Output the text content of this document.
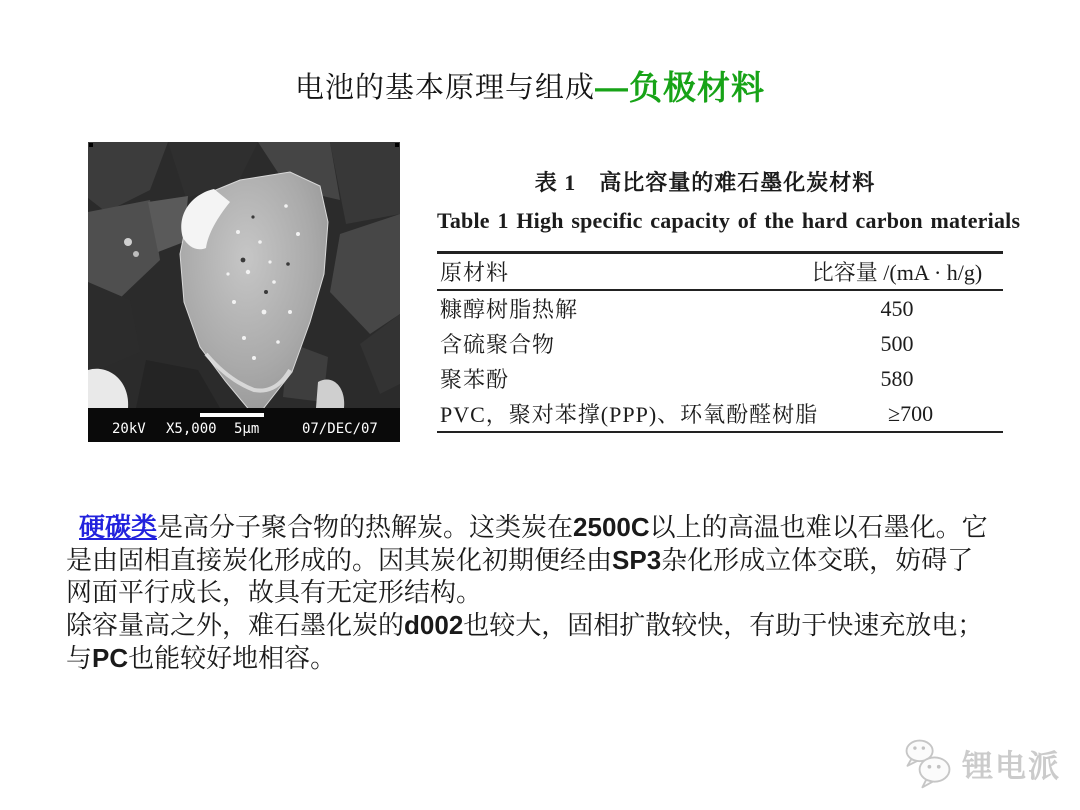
电池的基本原理与组成—负极材料
20kV X5,000 5μm	07/DEC/07
表 1　高比容量的难石墨化炭材料
Table 1 High specific capacity of the hard carbon materials
原材料	比容量 /(mA · h/g)
糠醇树脂热解	450
含硫聚合物	500
聚苯酚	580
PVC，聚对苯撑(PPP)、环氧酚醛树脂	≥700
硬碳类是高分子聚合物的热解炭。这类炭在2500C以上的高温也难以石墨化。它
是由固相直接炭化形成的。因其炭化初期便经由SP3杂化形成立体交联，妨碍了
网面平行成长，故具有无定形结构。
除容量高之外，难石墨化炭的d002也较大，固相扩散较快，有助于快速充放电；
与PC也能较好地相容。
锂电派
